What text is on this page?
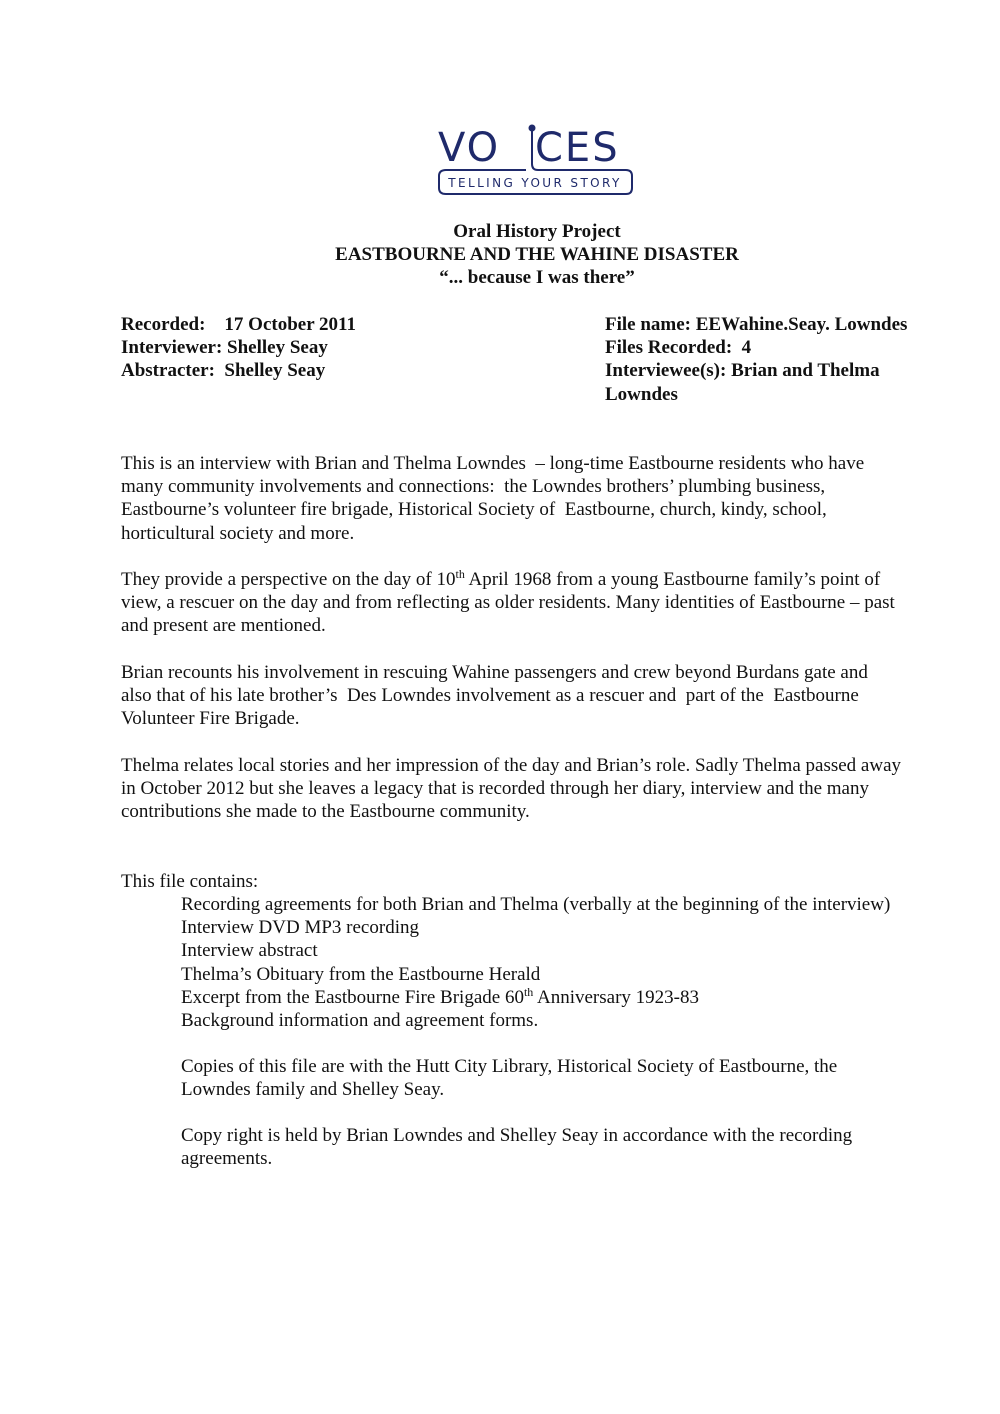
VO CES
TELLING YOUR STORY
Oral History Project
EASTBOURNE AND THE WAHINE DISASTER
“... because I was there”
Recorded:    17 October 2011
Interviewer: Shelley Seay
Abstracter:  Shelley Seay
File name: EEWahine.Seay. Lowndes
Files Recorded:  4
Interviewee(s): Brian and Thelma
Lowndes
This is an interview with Brian and Thelma Lowndes  – long-time Eastbourne residents who have
many community involvements and connections:  the Lowndes brothers’ plumbing business,
Eastbourne’s volunteer fire brigade, Historical Society of  Eastbourne, church, kindy, school,
horticultural society and more.
They provide a perspective on the day of 10th April 1968 from a young Eastbourne family’s point of
view, a rescuer on the day and from reflecting as older residents. Many identities of Eastbourne – past
and present are mentioned.
Brian recounts his involvement in rescuing Wahine passengers and crew beyond Burdans gate and
also that of his late brother’s  Des Lowndes involvement as a rescuer and  part of the  Eastbourne
Volunteer Fire Brigade.
Thelma relates local stories and her impression of the day and Brian’s role. Sadly Thelma passed away
in October 2012 but she leaves a legacy that is recorded through her diary, interview and the many
contributions she made to the Eastbourne community.
This file contains:
Recording agreements for both Brian and Thelma (verbally at the beginning of the interview)
Interview DVD MP3 recording
Interview abstract
Thelma’s Obituary from the Eastbourne Herald
Excerpt from the Eastbourne Fire Brigade 60th Anniversary 1923-83
Background information and agreement forms.
Copies of this file are with the Hutt City Library, Historical Society of Eastbourne, the
Lowndes family and Shelley Seay.
Copy right is held by Brian Lowndes and Shelley Seay in accordance with the recording
agreements.
